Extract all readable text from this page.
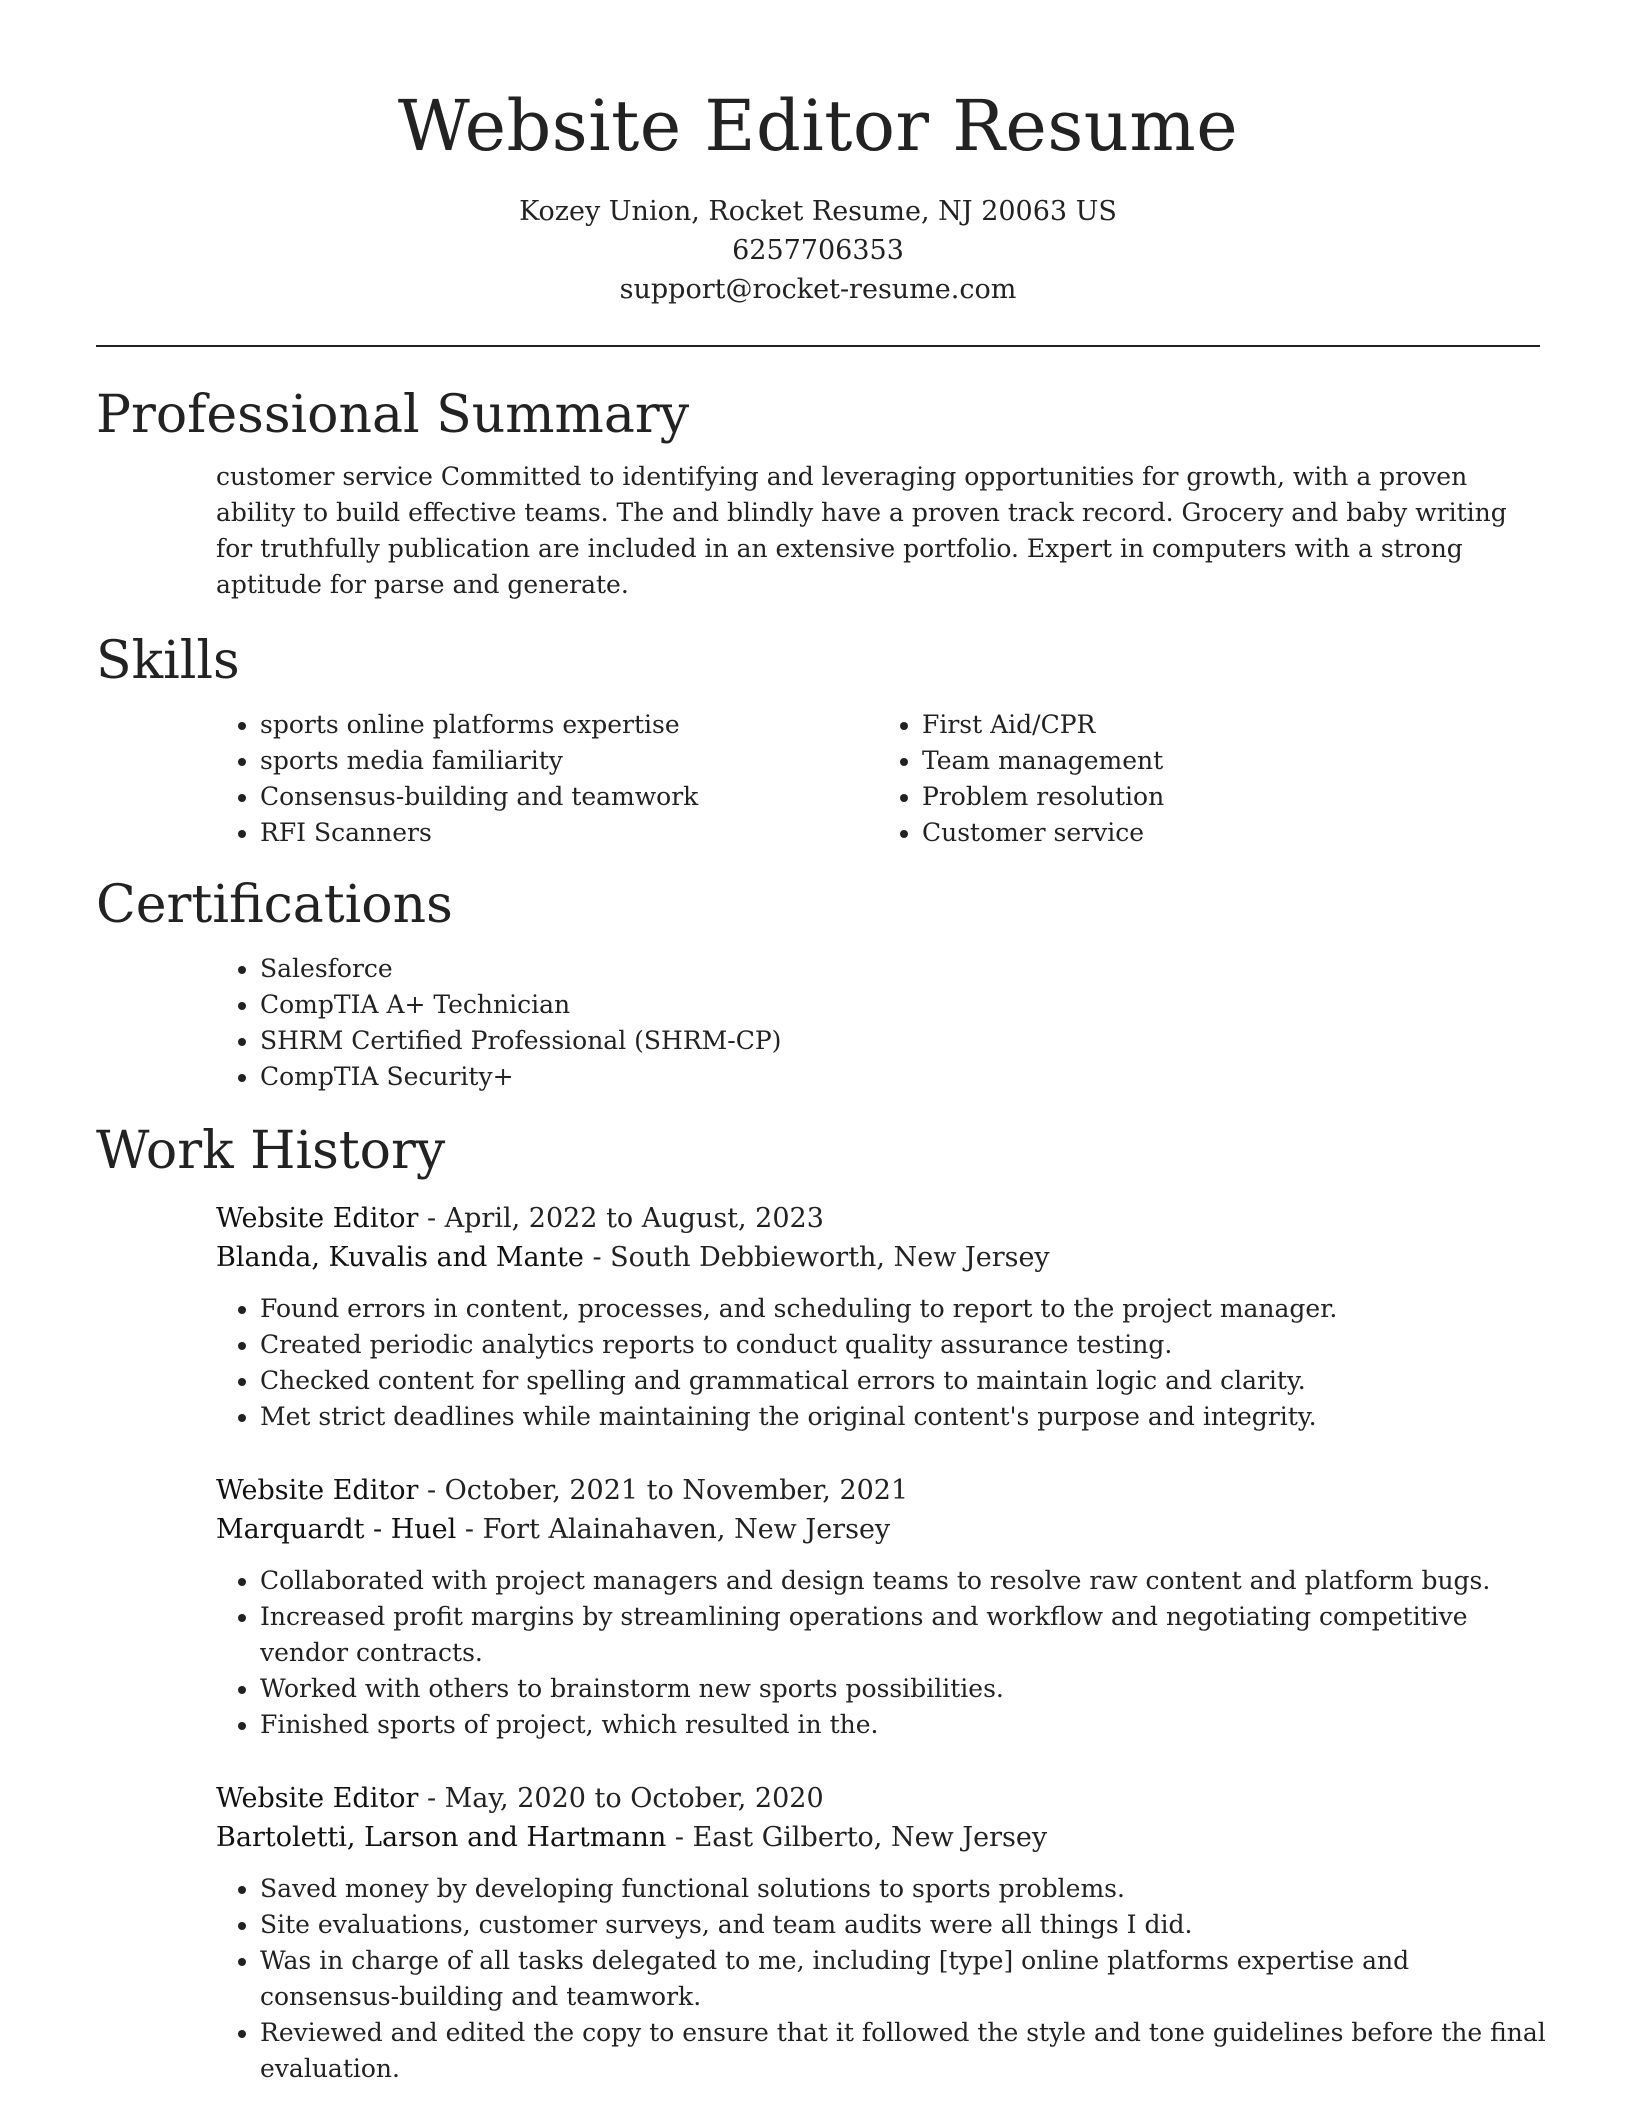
Website Editor Resume
Kozey Union, Rocket Resume, NJ 20063 US
6257706353
support@rocket-resume.com
Professional Summary

customer service Committed to identifying and leveraging opportunities for growth, with a proven ability to build effective teams. The and blindly have a proven track record. Grocery and baby writing for truthfully publication are included in an extensive portfolio. Expert in computers with a strong aptitude for parse and generate.

Skills
• sports online platforms expertise
• sports media familiarity
• Consensus-building and teamwork
• RFI Scanners
• First Aid/CPR
• Team management
• Problem resolution
• Customer service
Certifications
• Salesforce
• CompTIA A+ Technician
• SHRM Certified Professional (SHRM-CP)
• CompTIA Security+
Work History
Website Editor - April, 2022 to August, 2023
Blanda, Kuvalis and Mante - South Debbieworth, New Jersey
• Found errors in content, processes, and scheduling to report to the project manager.
• Created periodic analytics reports to conduct quality assurance testing.
• Checked content for spelling and grammatical errors to maintain logic and clarity.
• Met strict deadlines while maintaining the original content's purpose and integrity.
Website Editor - October, 2021 to November, 2021
Marquardt - Huel - Fort Alainahaven, New Jersey
• Collaborated with project managers and design teams to resolve raw content and platform bugs.
• Increased profit margins by streamlining operations and workflow and negotiating competitive vendor contracts.
• Worked with others to brainstorm new sports possibilities.
• Finished sports of project, which resulted in the.
Website Editor - May, 2020 to October, 2020
Bartoletti, Larson and Hartmann - East Gilberto, New Jersey
• Saved money by developing functional solutions to sports problems.
• Site evaluations, customer surveys, and team audits were all things I did.
• Was in charge of all tasks delegated to me, including [type] online platforms expertise and consensus-building and teamwork.
• Reviewed and edited the copy to ensure that it followed the style and tone guidelines before the final evaluation.
